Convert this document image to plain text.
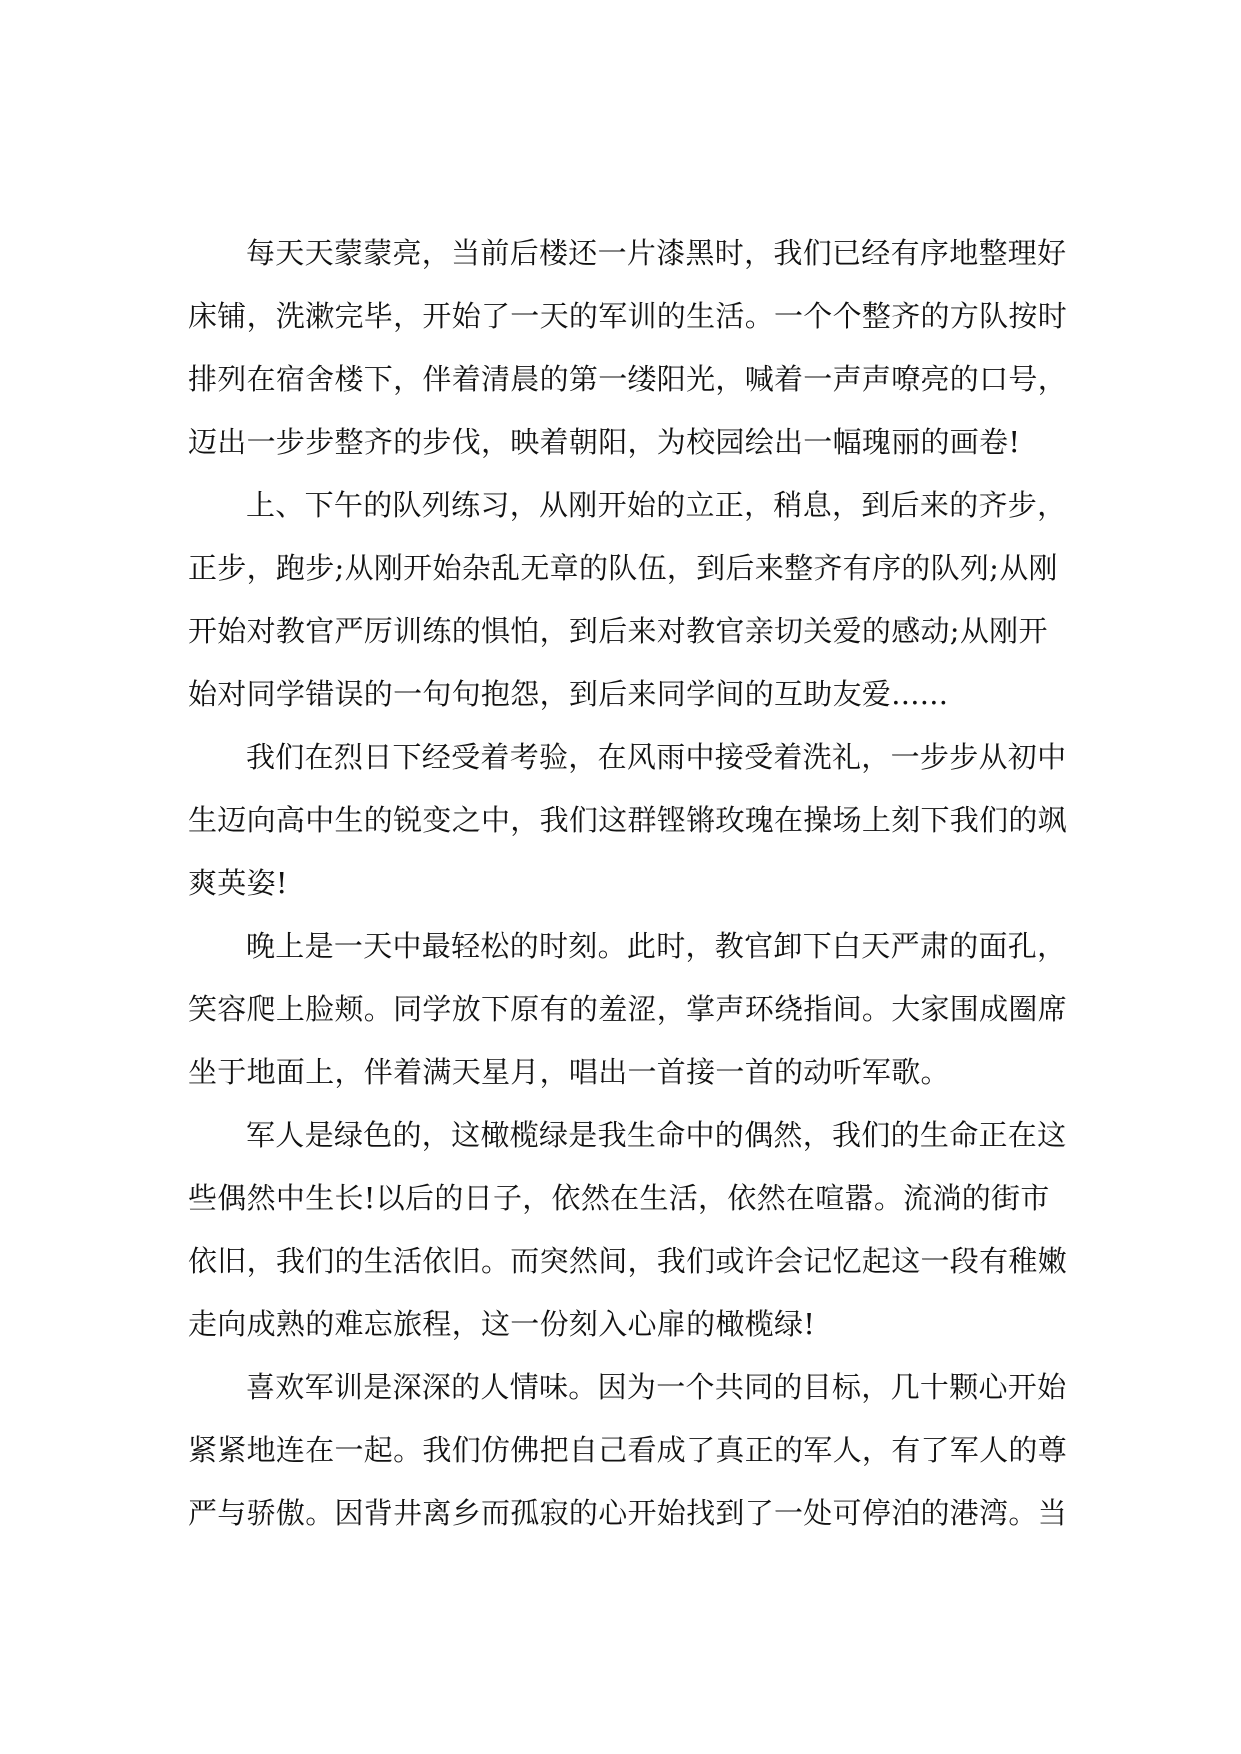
每天天蒙蒙亮，当前后楼还一片漆黑时，我们已经有序地整理好
床铺，洗漱完毕，开始了一天的军训的生活。一个个整齐的方队按时
排列在宿舍楼下，伴着清晨的第一缕阳光，喊着一声声嘹亮的口号，
迈出一步步整齐的步伐，映着朝阳，为校园绘出一幅瑰丽的画卷!
上、下午的队列练习，从刚开始的立正，稍息，到后来的齐步，
正步，跑步;从刚开始杂乱无章的队伍，到后来整齐有序的队列;从刚
开始对教官严厉训练的惧怕，到后来对教官亲切关爱的感动;从刚开
始对同学错误的一句句抱怨，到后来同学间的互助友爱......
我们在烈日下经受着考验，在风雨中接受着洗礼，一步步从初中
生迈向高中生的锐变之中，我们这群铿锵玫瑰在操场上刻下我们的飒
爽英姿!
晚上是一天中最轻松的时刻。此时，教官卸下白天严肃的面孔，
笑容爬上脸颊。同学放下原有的羞涩，掌声环绕指间。大家围成圈席
坐于地面上，伴着满天星月，唱出一首接一首的动听军歌。
军人是绿色的，这橄榄绿是我生命中的偶然，我们的生命正在这
些偶然中生长!以后的日子，依然在生活，依然在喧嚣。流淌的街市
依旧，我们的生活依旧。而突然间，我们或许会记忆起这一段有稚嫩
走向成熟的难忘旅程，这一份刻入心扉的橄榄绿!
喜欢军训是深深的人情味。因为一个共同的目标，几十颗心开始
紧紧地连在一起。我们仿佛把自己看成了真正的军人，有了军人的尊
严与骄傲。因背井离乡而孤寂的心开始找到了一处可停泊的港湾。当
